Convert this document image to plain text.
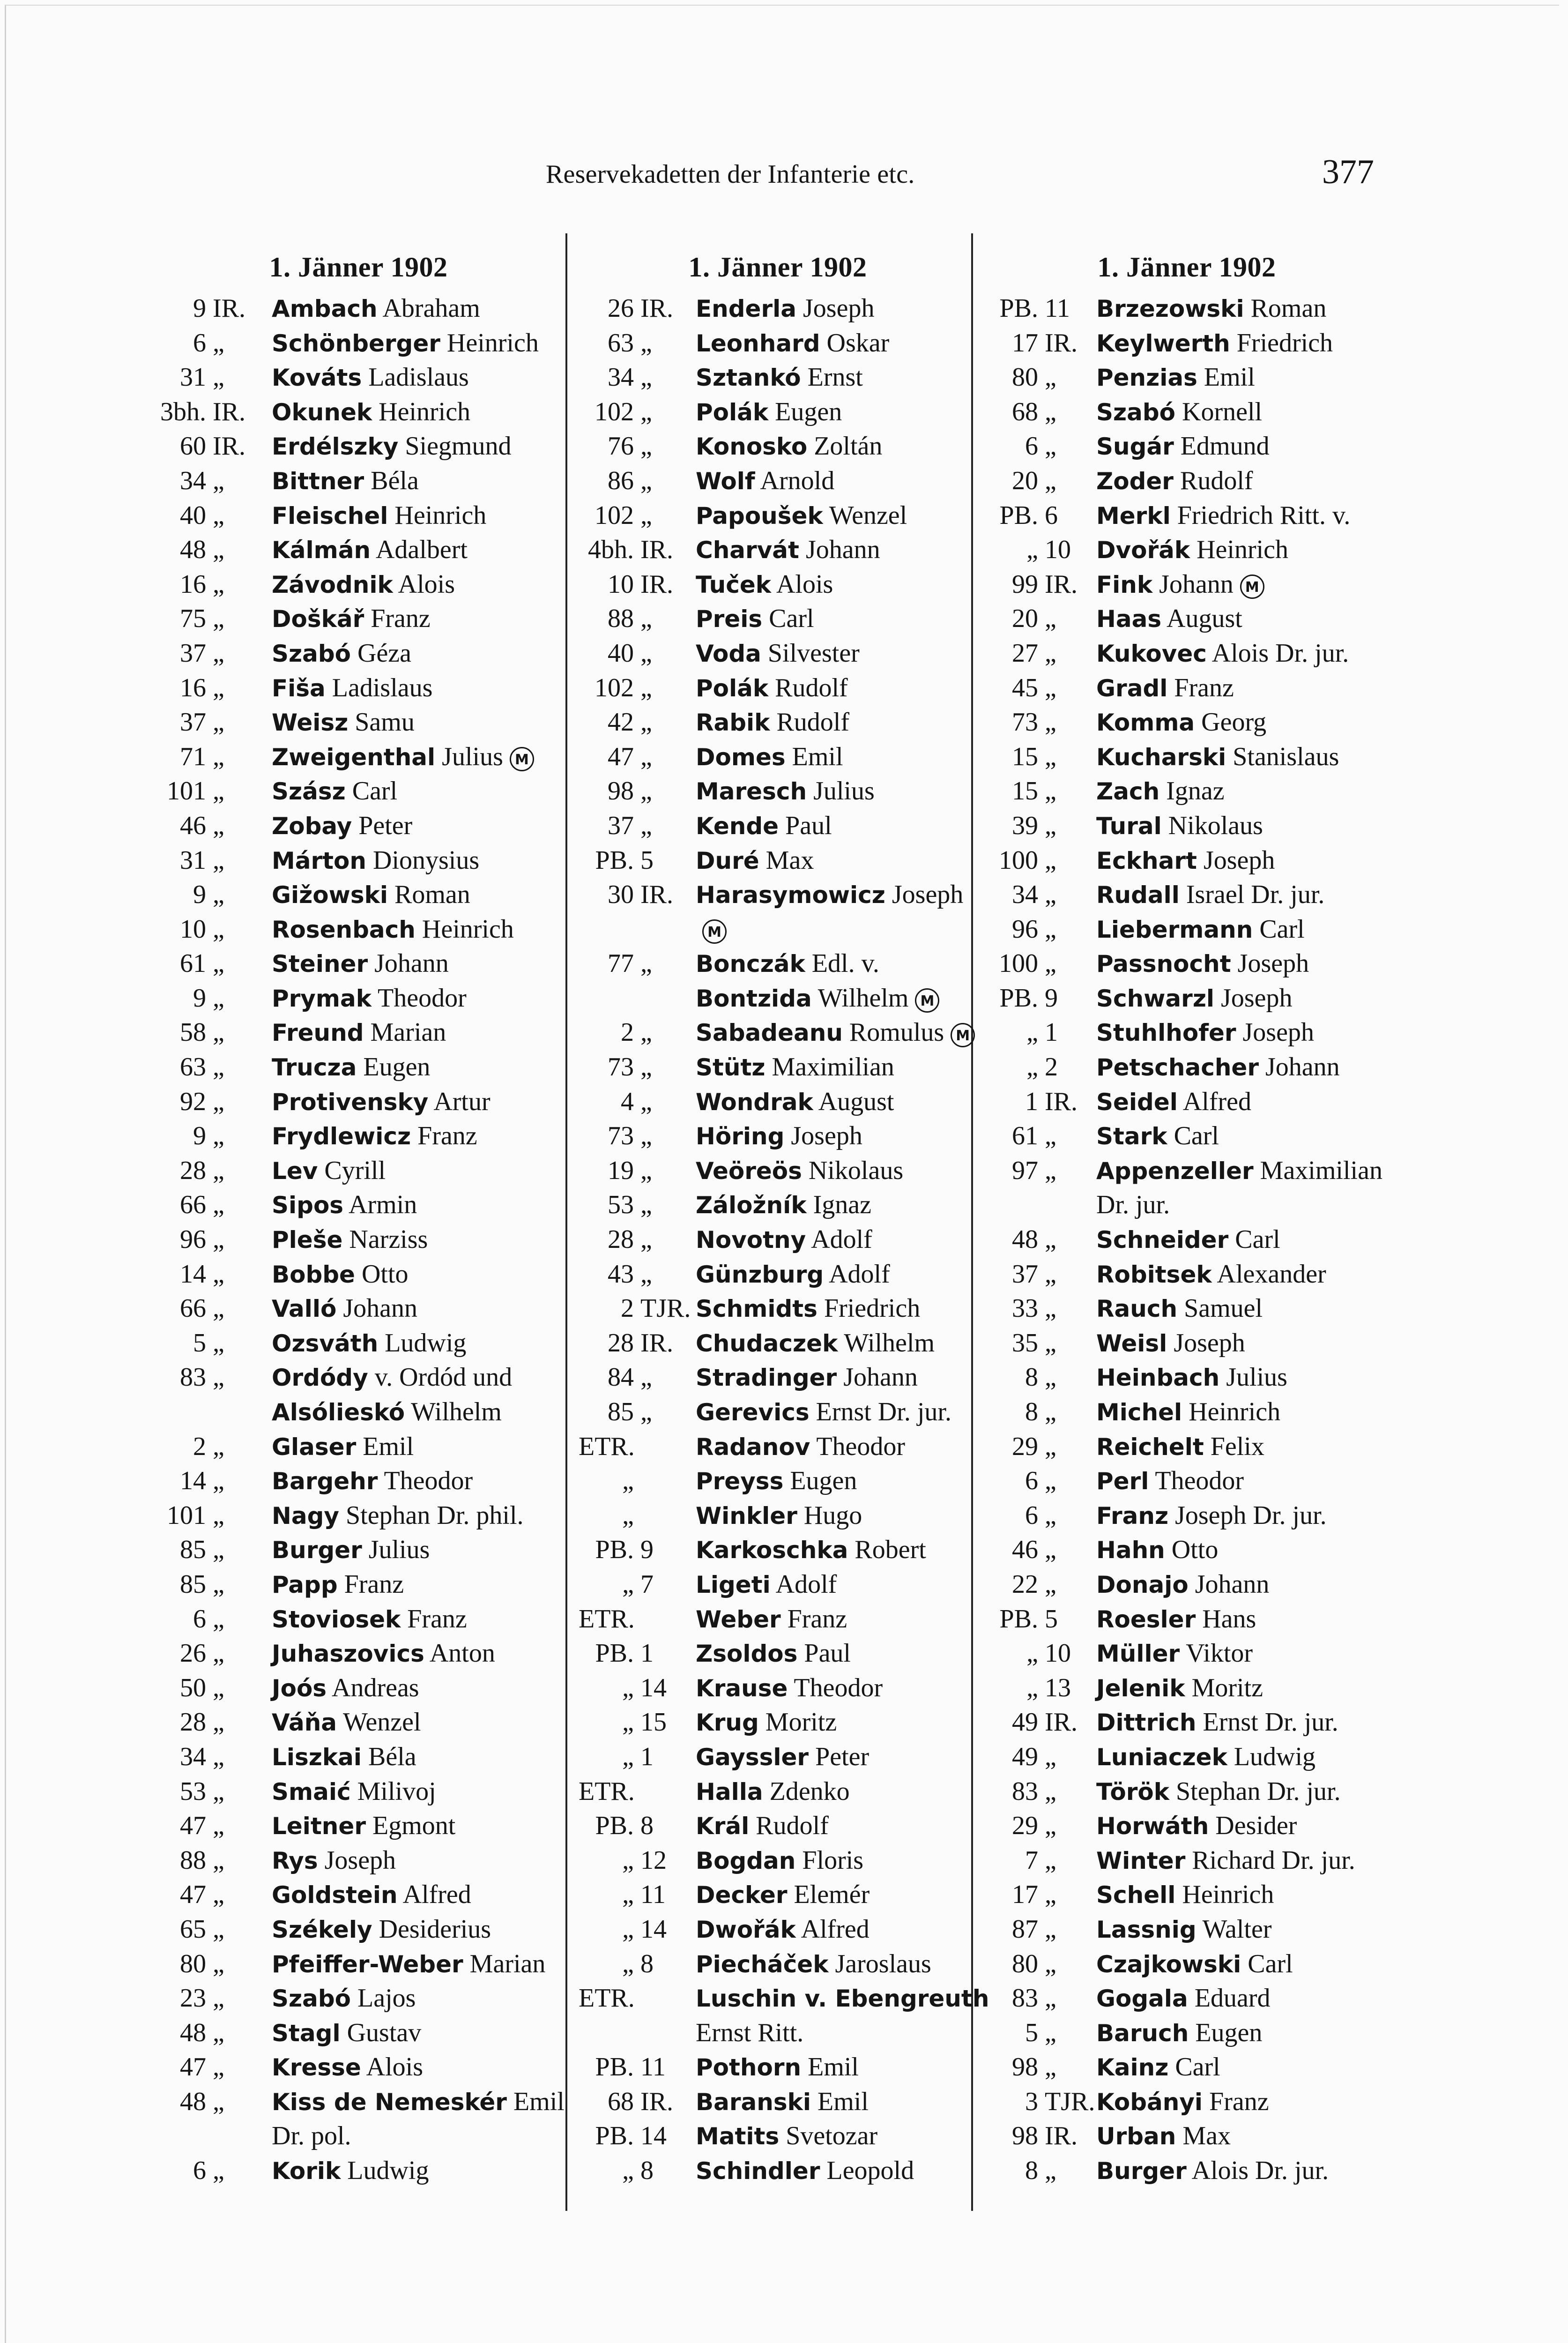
Reservekadetten der Infanterie etc.	377
1. Jänner 1902
9 IR.	Ambach Abraham
6 „	Schönberger Heinrich
31 „	Kováts Ladislaus
3bh. IR.	Okunek Heinrich
60 IR.	Erdélszky Siegmund
34 „	Bittner Béla
40 „	Fleischel Heinrich
48 „	Kálmán Adalbert
16 „	Závodnik Alois
75 „	Doškář Franz
37 „	Szabó Géza
16 „	Fiša Ladislaus
37 „	Weisz Samu
71 „	Zweigenthal Julius M
101 „	Szász Carl
46 „	Zobay Peter
31 „	Márton Dionysius
9 „	Gižowski Roman
10 „	Rosenbach Heinrich
61 „	Steiner Johann
9 „	Prymak Theodor
58 „	Freund Marian
63 „	Trucza Eugen
92 „	Protivensky Artur
9 „	Frydlewicz Franz
28 „	Lev Cyrill
66 „	Sipos Armin
96 „	Pleše Narziss
14 „	Bobbe Otto
66 „	Valló Johann
5 „	Ozsváth Ludwig
83 „	Ordódy v. Ordód und
Alsólieskó Wilhelm
2 „	Glaser Emil
14 „	Bargehr Theodor
101 „	Nagy Stephan Dr. phil.
85 „	Burger Julius
85 „	Papp Franz
6 „	Stoviosek Franz
26 „	Juhaszovics Anton
50 „	Joós Andreas
28 „	Váňa Wenzel
34 „	Liszkai Béla
53 „	Smaić Milivoj
47 „	Leitner Egmont
88 „	Rys Joseph
47 „	Goldstein Alfred
65 „	Székely Desiderius
80 „	Pfeiffer-Weber Marian
23 „	Szabó Lajos
48 „	Stagl Gustav
47 „	Kresse Alois
48 „	Kiss de Nemeskér Emil
Dr. pol.
6 „	Korik Ludwig
1. Jänner 1902
26 IR. Enderla Joseph
63 „	Leonhard Oskar
34 „	Sztankó Ernst
102 „	Polák Eugen
76 „	Konosko Zoltán
86 „	Wolf Arnold
102 „	Papoušek Wenzel
4bh. IR. Charvát Johann
10 IR. Tuček Alois
88 „	Preis Carl
40 „	Voda Silvester
102 „	Polák Rudolf
42 „	Rabik Rudolf
47 „	Domes Emil
98 „	Maresch Julius
37 „	Kende Paul
PB. 5	Duré Max
30 IR. Harasymowicz Joseph
M
77 „	Bonczák Edl. v.
Bontzida Wilhelm M
2 „	Sabadeanu Romulus M
73 „	Stütz Maximilian
4 „	Wondrak August
73 „	Höring Joseph
19 „	Veöreös Nikolaus
53 „	Záložník Ignaz
28 „	Novotny Adolf
43 „	Günzburg Adolf
2 TJR. Schmidts Friedrich
28 IR. Chudaczek Wilhelm
84 „	Stradinger Johann
85 „	Gerevics Ernst Dr. jur.
ETR.	Radanov Theodor
„	Preyss Eugen
„	Winkler Hugo
PB. 9	Karkoschka Robert
„ 7	Ligeti Adolf
ETR.	Weber Franz
PB. 1	Zsoldos Paul
„ 14	Krause Theodor
„ 15	Krug Moritz
„ 1	Gayssler Peter
ETR.	Halla Zdenko
PB. 8	Král Rudolf
„ 12	Bogdan Floris
„ 11	Decker Elemér
„ 14	Dwořák Alfred
„ 8	Piecháček Jaroslaus
ETR.	Luschin v. Ebengreuth
Ernst Ritt.
PB. 11	Pothorn Emil
68 IR. Baranski Emil
PB. 14	Matits Svetozar
„ 8	Schindler Leopold
1. Jänner 1902
PB. 11	Brzezowski Roman
17 IR. Keylwerth Friedrich
80 „	Penzias Emil
68 „	Szabó Kornell
6 „	Sugár Edmund
20 „	Zoder Rudolf
PB. 6	Merkl Friedrich Ritt. v.
„ 10	Dvořák Heinrich
99 IR. Fink Johann M
20 „	Haas August
27 „	Kukovec Alois Dr. jur.
45 „	Gradl Franz
73 „	Komma Georg
15 „	Kucharski Stanislaus
15 „	Zach Ignaz
39 „	Tural Nikolaus
100 „	Eckhart Joseph
34 „	Rudall Israel Dr. jur.
96 „	Liebermann Carl
100 „	Passnocht Joseph
PB. 9	Schwarzl Joseph
„ 1	Stuhlhofer Joseph
„ 2	Petschacher Johann
1 IR. Seidel Alfred
61 „	Stark Carl
97 „	Appenzeller Maximilian
Dr. jur.
48 „	Schneider Carl
37 „	Robitsek Alexander
33 „	Rauch Samuel
35 „	Weisl Joseph
8 „	Heinbach Julius
8 „	Michel Heinrich
29 „	Reichelt Felix
6 „	Perl Theodor
6 „	Franz Joseph Dr. jur.
46 „	Hahn Otto
22 „	Donajo Johann
PB. 5	Roesler Hans
„ 10	Müller Viktor
„ 13	Jelenik Moritz
49 IR. Dittrich Ernst Dr. jur.
49 „	Luniaczek Ludwig
83 „	Török Stephan Dr. jur.
29 „	Horwáth Desider
7 „	Winter Richard Dr. jur.
17 „	Schell Heinrich
87 „	Lassnig Walter
80 „	Czajkowski Carl
83 „	Gogala Eduard
5 „	Baruch Eugen
98 „	Kainz Carl
3 TJR. Kobányi Franz
98 IR. Urban Max
8 „	Burger Alois Dr. jur.
